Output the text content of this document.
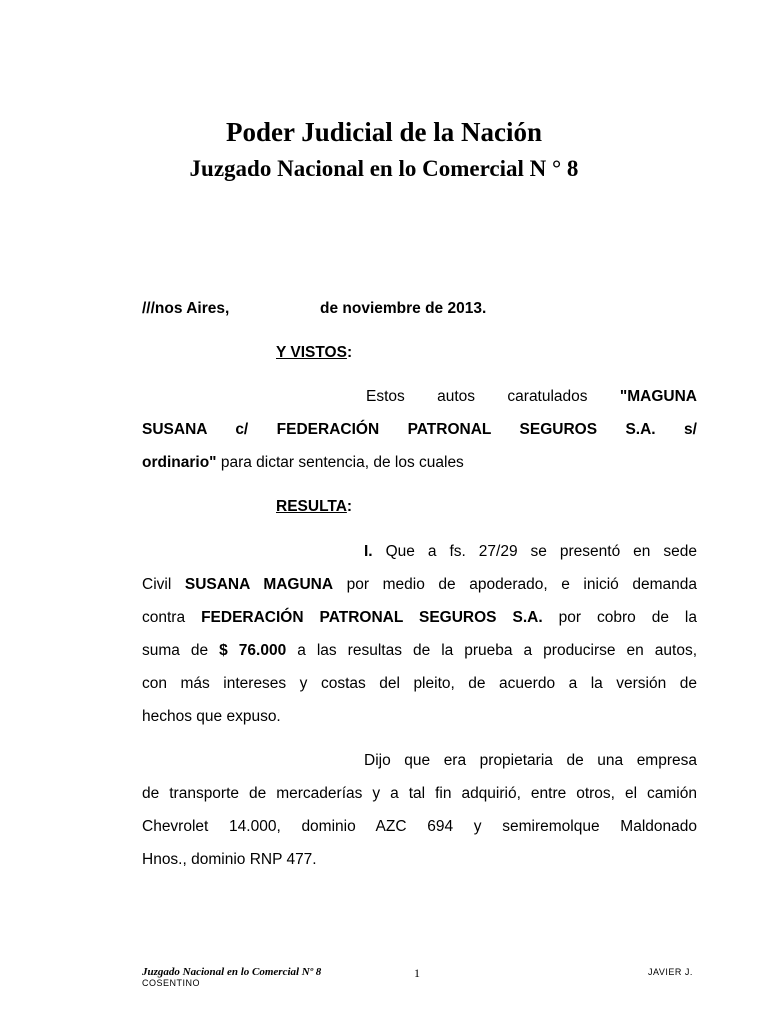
Poder Judicial de la Nación
Juzgado Nacional en lo Comercial N ° 8
///nos Aires,	de noviembre de 2013.
Y VISTOS:
Estos autos caratulados "MAGUNA
SUSANA c/ FEDERACIÓN PATRONAL SEGUROS S.A. s/
ordinario" para dictar sentencia, de los cuales
RESULTA:
I. Que a fs. 27/29 se presentó en sede
Civil SUSANA MAGUNA por medio de apoderado, e inició demanda
contra FEDERACIÓN PATRONAL SEGUROS S.A. por cobro de la
suma de $ 76.000 a las resultas de la prueba a producirse en autos,
con más intereses y costas del pleito, de acuerdo a la versión de
hechos que expuso.
Dijo que era propietaria de una empresa
de transporte de mercaderías y a tal fin adquirió, entre otros, el camión
Chevrolet 14.000, dominio AZC 694 y semiremolque Maldonado
Hnos., dominio RNP 477.
Juzgado Nacional en lo Comercial Nº 8
COSENTINO
1	JAVIER J.
